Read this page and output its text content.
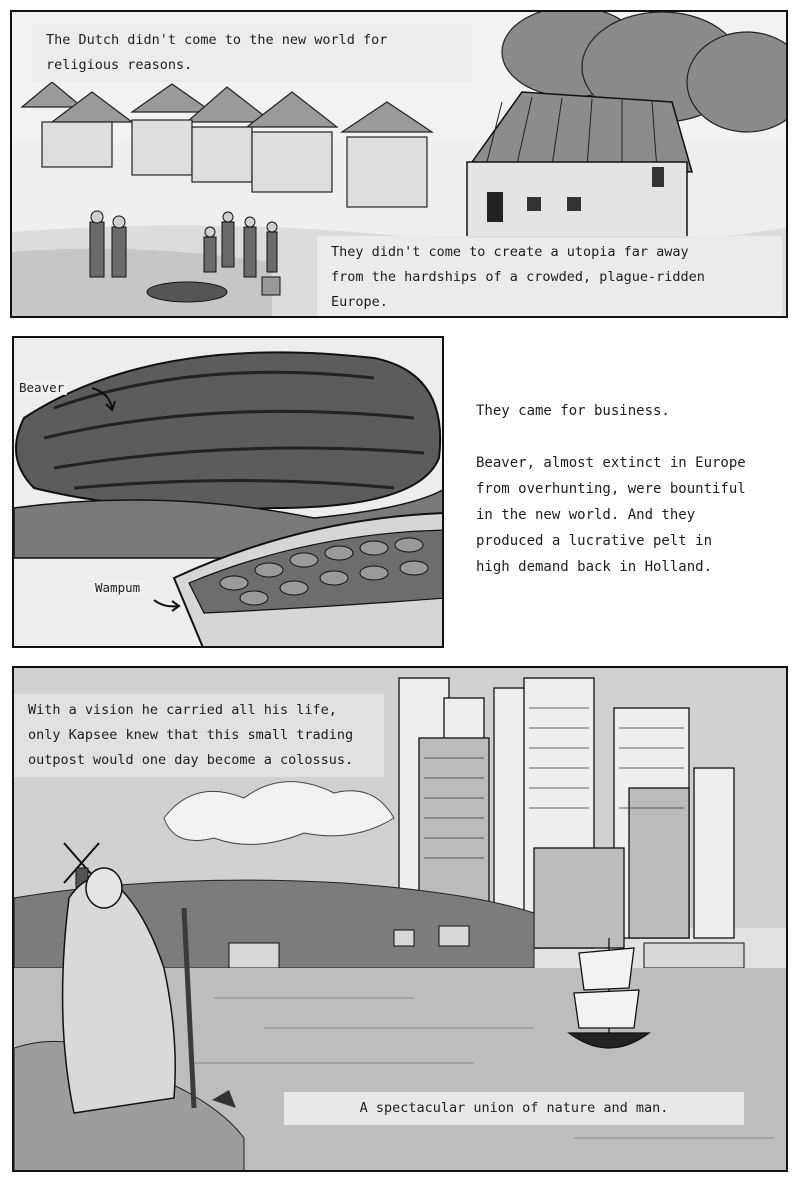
The Dutch didn't come to the new world for
religious reasons.
They didn't come to create a utopia far away
from the hardships of a crowded, plague-ridden
Europe.
Beaver
Wampum

They came for business.

Beaver, almost extinct in Europe
from overhunting, were bountiful
in the new world. And they
produced a lucrative pelt in
high demand back in Holland.

With a vision he carried all his life,
only Kapsee knew that this small trading
outpost would one day become a colossus.
A spectacular union of nature and man.
